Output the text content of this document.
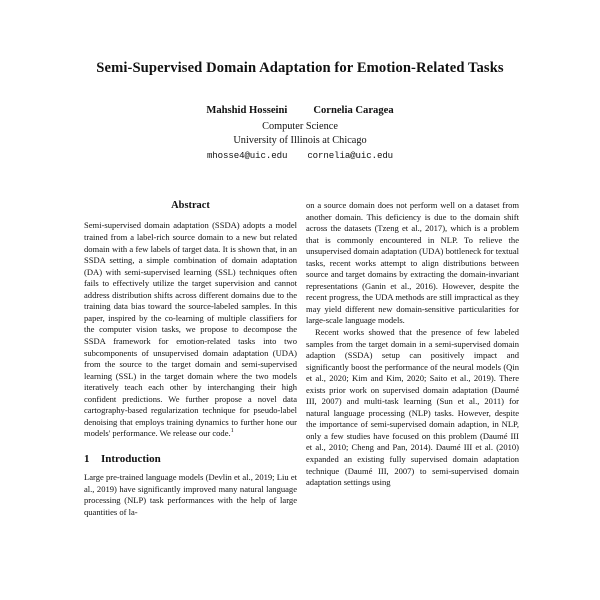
Semi-Supervised Domain Adaptation for Emotion-Related Tasks
Mahshid Hosseini Cornelia Caragea
Computer Science
University of Illinois at Chicago
mhosse4@uic.edu cornelia@uic.edu
Abstract

Semi-supervised domain adaptation (SSDA) adopts a model trained from a label-rich source domain to a new but related domain with a few labels of target data. It is shown that, in an SSDA setting, a simple combination of domain adaptation (DA) with semi-supervised learning (SSL) techniques often fails to effectively utilize the target supervision and cannot address distribution shifts across different domains due to the training data bias toward the source-labeled samples. In this paper, inspired by the co-learning of multiple classifiers for the computer vision tasks, we propose to decompose the SSDA framework for emotion-related tasks into two subcomponents of unsupervised domain adaptation (UDA) from the source to the target domain and semi-supervised learning (SSL) in the target domain where the two models iteratively teach each other by interchanging their high confident predictions. We further propose a novel data cartography-based regularization technique for pseudo-label denoising that employs training dynamics to further hone our models' performance. We release our code.$^1$

1 Introduction

Large pre-trained language models (Devlin et al., 2019; Liu et al., 2019) have significantly improved many natural language processing (NLP) task performances with the help of large quantities of la-

on a source domain does not perform well on a dataset from another domain. This deficiency is due to the domain shift across the datasets (Tzeng et al., 2017), which is a problem that is commonly encountered in NLP. To relieve the unsupervised domain adaptation (UDA) bottleneck for textual tasks, recent works attempt to align distributions between source and target domains by extracting the domain-invariant representations (Ganin et al., 2016). However, despite the recent progress, the UDA methods are still impractical as they may yield different new domain-sensitive particularities for large-scale language models.

Recent works showed that the presence of few labeled samples from the target domain in a semi-supervised domain adaption (SSDA) setup can positively impact and significantly boost the performance of the neural models (Qin et al., 2020; Kim and Kim, 2020; Saito et al., 2019). There exists prior work on supervised domain adaptation (Daumé III, 2007) and multi-task learning (Sun et al., 2011) for natural language processing (NLP) tasks. However, despite the importance of semi-supervised domain adaption, in NLP, only a few studies have focused on this problem (Daumé III et al., 2010; Cheng and Pan, 2014). Daumé III et al. (2010) expanded an existing fully supervised domain adaptation technique (Daumé III, 2007) to semi-supervised domain adaptation settings using
